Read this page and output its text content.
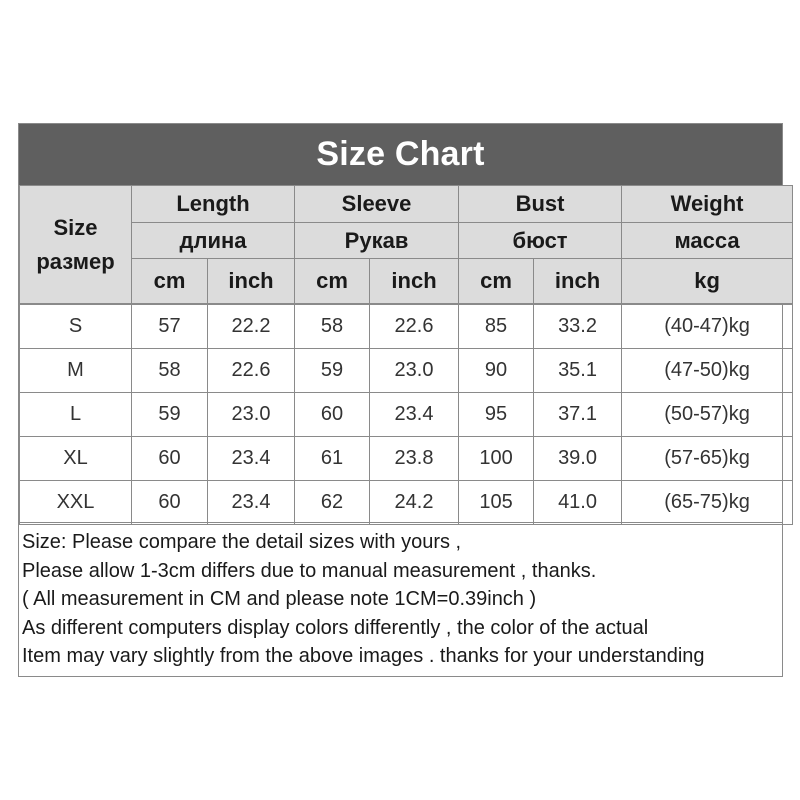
Size Chart
Size
размер	Length		Sleeve		Bust		Weight
	длина		Рукав		бюст		масса
	cm	inch	cm	inch	cm	inch	kg
S	57	22.2	58	22.6	85	33.2	(40-47)kg
M	58	22.6	59	23.0	90	35.1	(47-50)kg
L	59	23.0	60	23.4	95	37.1	(50-57)kg
XL	60	23.4	61	23.8	100	39.0	(57-65)kg
XXL	60	23.4	62	24.2	105	41.0	(65-75)kg
Size: Please compare the detail sizes with yours ,
Please allow 1-3cm differs due to manual measurement , thanks.
( All measurement in CM and please note 1CM=0.39inch )
As different computers display colors differently , the color of the actual
Item may vary slightly from the above images . thanks for your understanding
